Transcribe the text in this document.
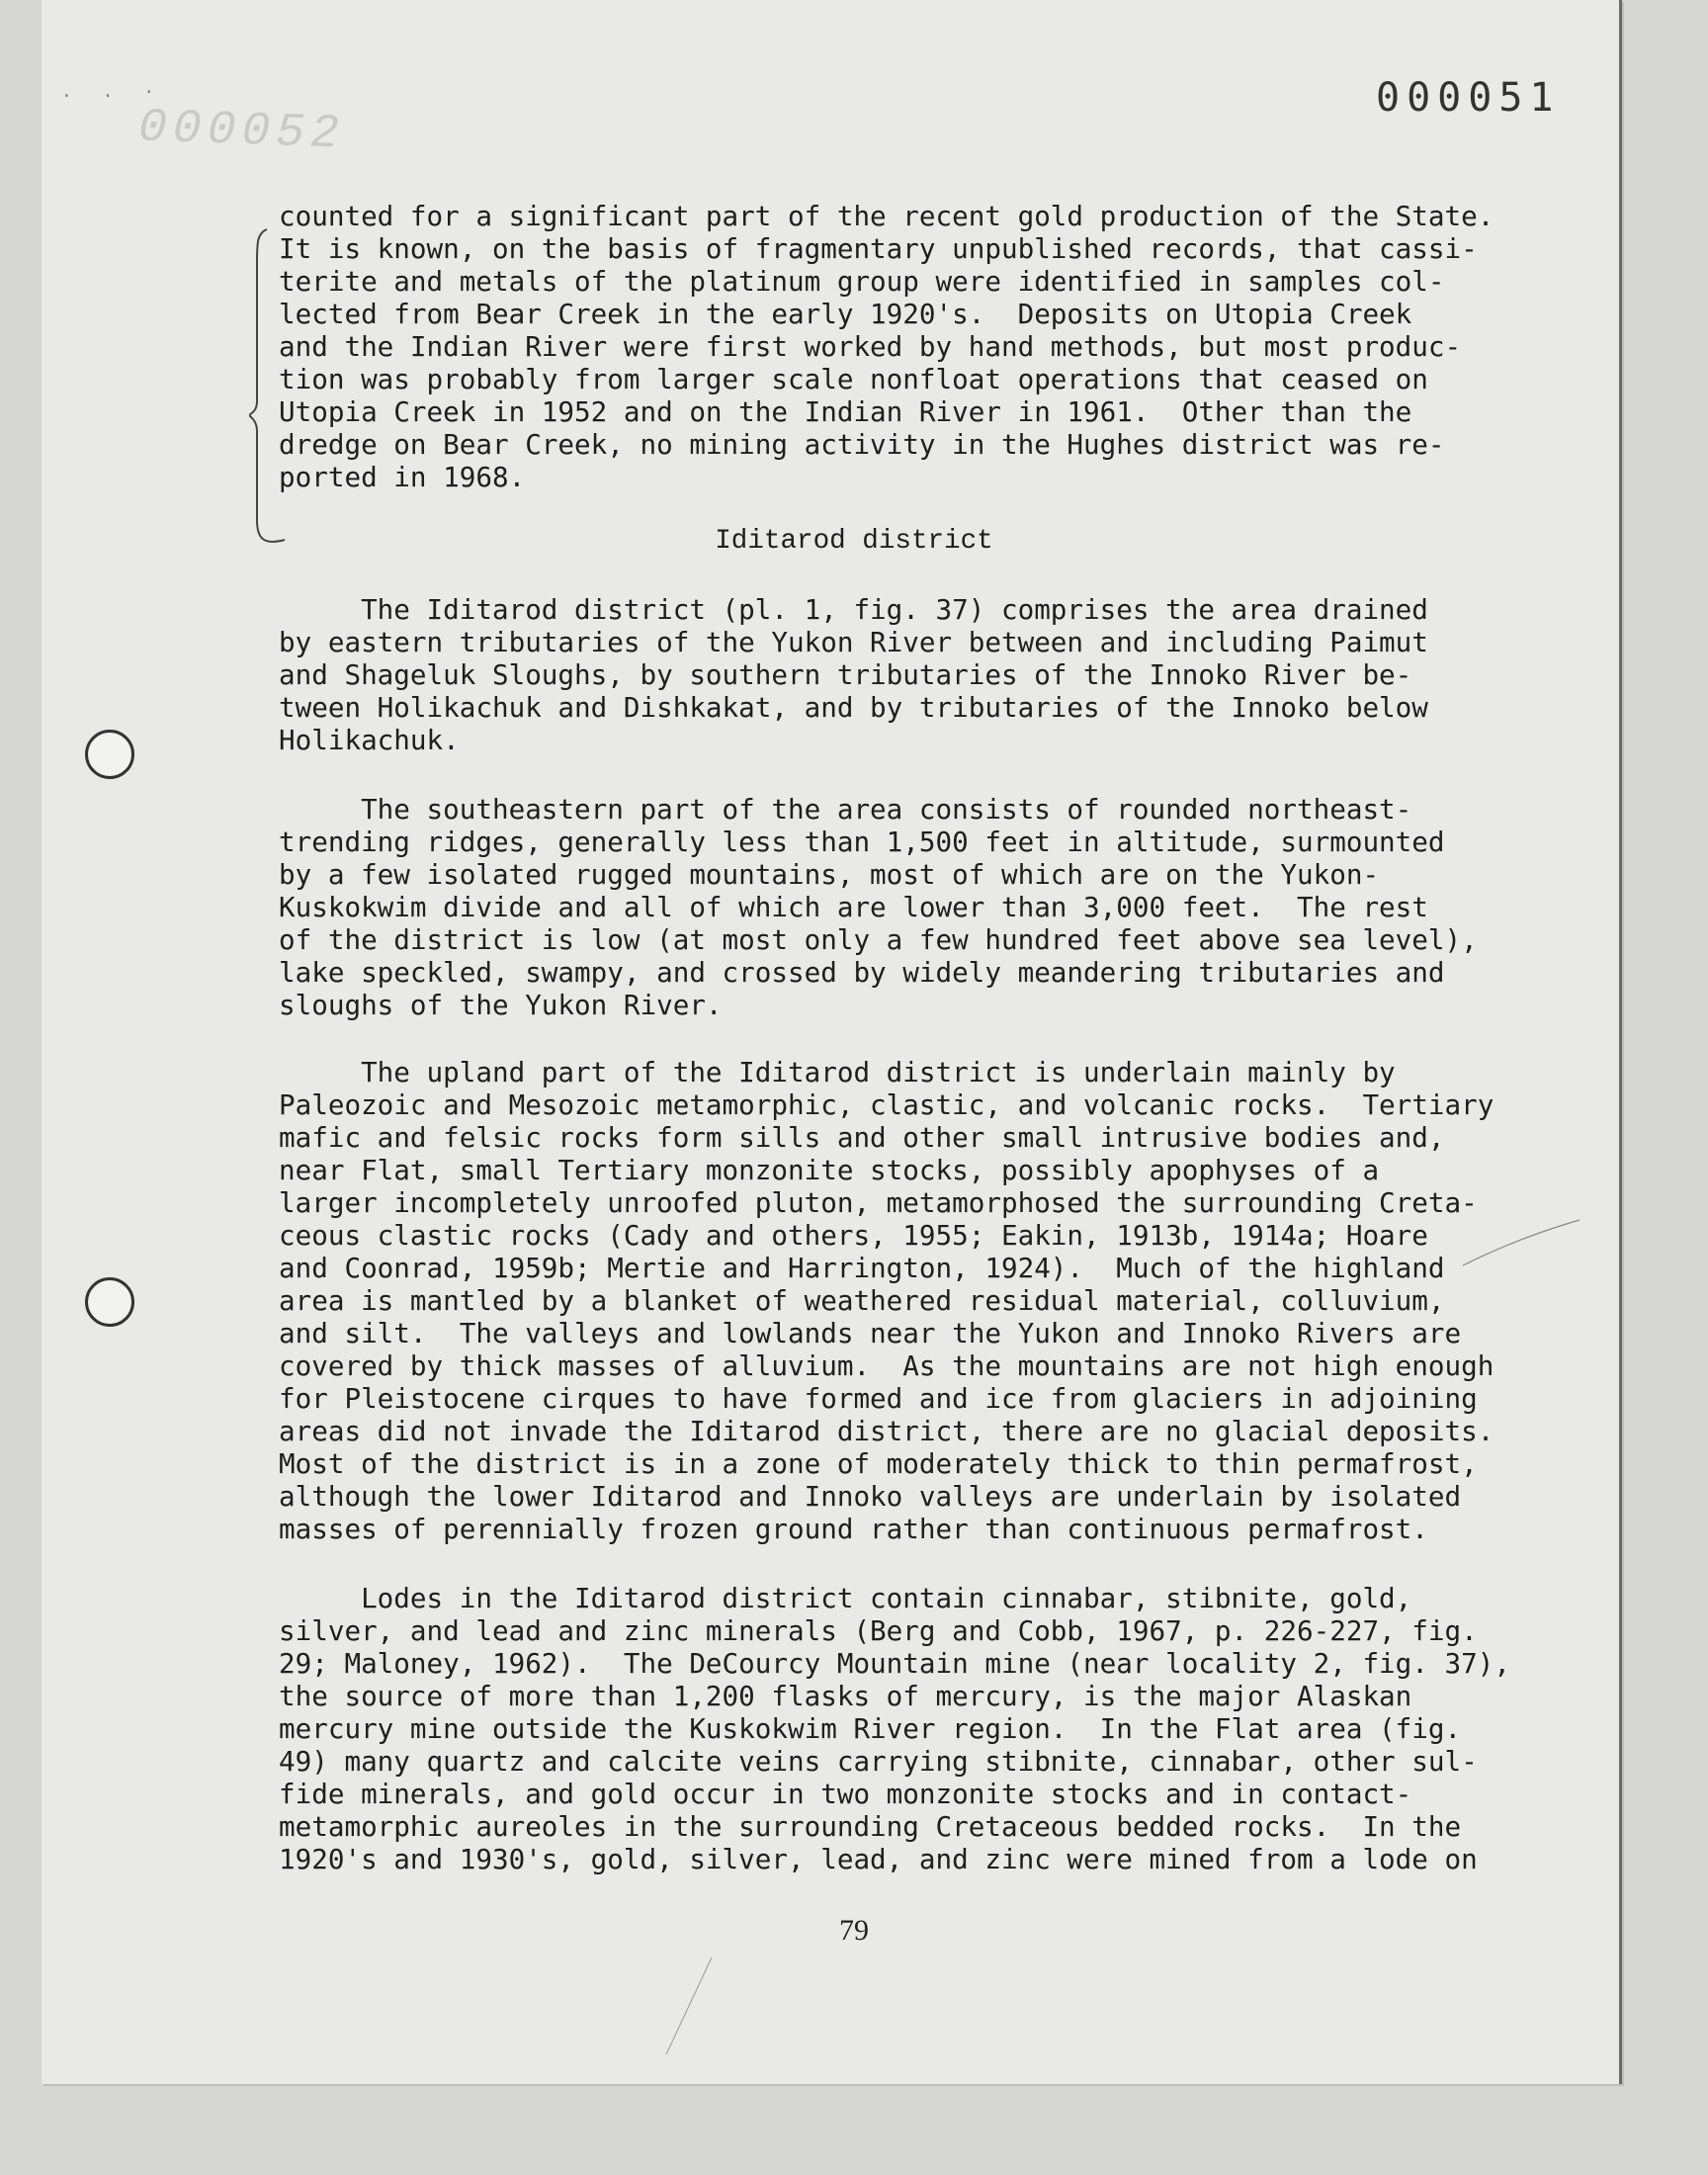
. . ·
000052
000051
counted for a significant part of the recent gold production of the State.
It is known, on the basis of fragmentary unpublished records, that cassi-
terite and metals of the platinum group were identified in samples col-
lected from Bear Creek in the early 1920's.  Deposits on Utopia Creek
and the Indian River were first worked by hand methods, but most produc-
tion was probably from larger scale nonfloat operations that ceased on
Utopia Creek in 1952 and on the Indian River in 1961.  Other than the
dredge on Bear Creek, no mining activity in the Hughes district was re-
ported in 1968.
Iditarod district
The Iditarod district (pl. 1, fig. 37) comprises the area drained
by eastern tributaries of the Yukon River between and including Paimut
and Shageluk Sloughs, by southern tributaries of the Innoko River be-
tween Holikachuk and Dishkakat, and by tributaries of the Innoko below
Holikachuk.
The southeastern part of the area consists of rounded northeast-
trending ridges, generally less than 1,500 feet in altitude, surmounted
by a few isolated rugged mountains, most of which are on the Yukon-
Kuskokwim divide and all of which are lower than 3,000 feet.  The rest
of the district is low (at most only a few hundred feet above sea level),
lake speckled, swampy, and crossed by widely meandering tributaries and
sloughs of the Yukon River.
The upland part of the Iditarod district is underlain mainly by
Paleozoic and Mesozoic metamorphic, clastic, and volcanic rocks.  Tertiary
mafic and felsic rocks form sills and other small intrusive bodies and,
near Flat, small Tertiary monzonite stocks, possibly apophyses of a
larger incompletely unroofed pluton, metamorphosed the surrounding Creta-
ceous clastic rocks (Cady and others, 1955; Eakin, 1913b, 1914a; Hoare
and Coonrad, 1959b; Mertie and Harrington, 1924).  Much of the highland
area is mantled by a blanket of weathered residual material, colluvium,
and silt.  The valleys and lowlands near the Yukon and Innoko Rivers are
covered by thick masses of alluvium.  As the mountains are not high enough
for Pleistocene cirques to have formed and ice from glaciers in adjoining
areas did not invade the Iditarod district, there are no glacial deposits.
Most of the district is in a zone of moderately thick to thin permafrost,
although the lower Iditarod and Innoko valleys are underlain by isolated
masses of perennially frozen ground rather than continuous permafrost.
Lodes in the Iditarod district contain cinnabar, stibnite, gold,
silver, and lead and zinc minerals (Berg and Cobb, 1967, p. 226-227, fig.
29; Maloney, 1962).  The DeCourcy Mountain mine (near locality 2, fig. 37),
the source of more than 1,200 flasks of mercury, is the major Alaskan
mercury mine outside the Kuskokwim River region.  In the Flat area (fig.
49) many quartz and calcite veins carrying stibnite, cinnabar, other sul-
fide minerals, and gold occur in two monzonite stocks and in contact-
metamorphic aureoles in the surrounding Cretaceous bedded rocks.  In the
1920's and 1930's, gold, silver, lead, and zinc were mined from a lode on
79
